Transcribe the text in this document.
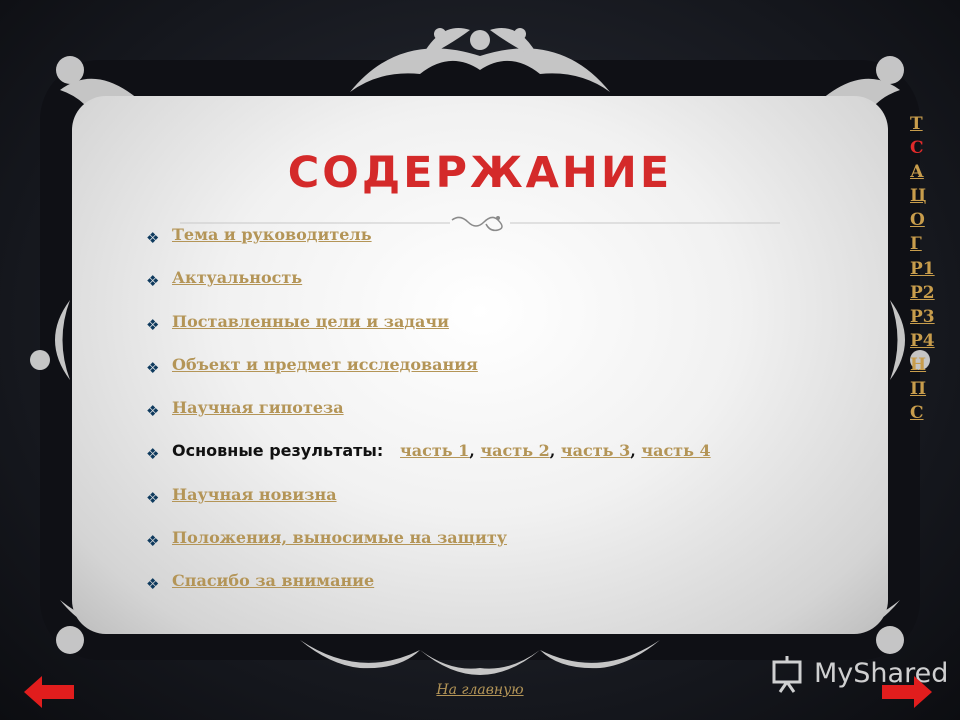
СОДЕРЖАНИЕ
❖ Тема и руководитель
❖ Актуальность
❖ Поставленные цели и задачи
❖ Объект и предмет исследования
❖ Научная гипотеза
❖ Основные результаты: часть 1, часть 2, часть 3, часть 4
❖ Научная новизна
❖ Положения, выносимые на защиту
❖ Спасибо за внимание
Т
С
А
Ц
О
Г
Р1
Р2
Р3
Р4
Н
П
С
MyShared
На главную
